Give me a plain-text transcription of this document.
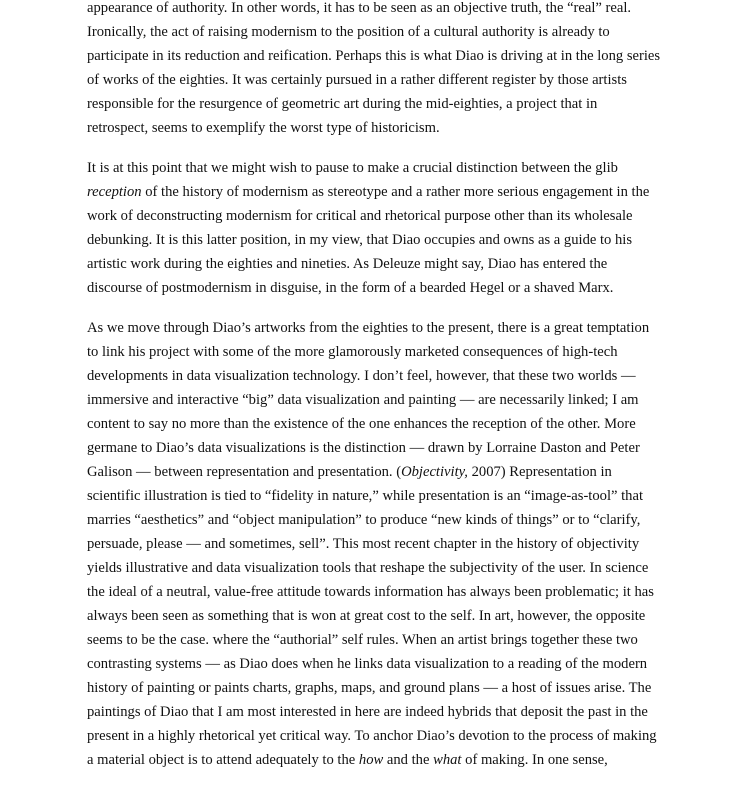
appearance of authority. In other words, it has to be seen as an objective truth, the “real” real. Ironically, the act of raising modernism to the position of a cultural authority is already to participate in its reduction and reification. Perhaps this is what Diao is driving at in the long series of works of the eighties. It was certainly pursued in a rather different register by those artists responsible for the resurgence of geometric art during the mid-eighties, a project that in retrospect, seems to exemplify the worst type of historicism.

It is at this point that we might wish to pause to make a crucial distinction between the glib reception of the history of modernism as stereotype and a rather more serious engagement in the work of deconstructing modernism for critical and rhetorical purpose other than its wholesale debunking. It is this latter position, in my view, that Diao occupies and owns as a guide to his artistic work during the eighties and nineties. As Deleuze might say, Diao has entered the discourse of postmodernism in disguise, in the form of a bearded Hegel or a shaved Marx.

As we move through Diao’s artworks from the eighties to the present, there is a great temptation to link his project with some of the more glamorously marketed consequences of high-tech developments in data visualization technology. I don’t feel, however, that these two worlds — immersive and interactive “big” data visualization and painting — are necessarily linked; I am content to say no more than the existence of the one enhances the reception of the other. More germane to Diao’s data visualizations is the distinction — drawn by Lorraine Daston and Peter Galison — between representation and presentation. (Objectivity, 2007) Representation in scientific illustration is tied to “fidelity in nature,” while presentation is an “image-as-tool” that marries “aesthetics” and “object manipulation” to produce “new kinds of things” or to “clarify, persuade, please — and sometimes, sell”. This most recent chapter in the history of objectivity yields illustrative and data visualization tools that reshape the subjectivity of the user. In science the ideal of a neutral, value-free attitude towards information has always been problematic; it has always been seen as something that is won at great cost to the self. In art, however, the opposite seems to be the case. where the “authorial” self rules. When an artist brings together these two contrasting systems — as Diao does when he links data visualization to a reading of the modern history of painting or paints charts, graphs, maps, and ground plans — a host of issues arise. The paintings of Diao that I am most interested in here are indeed hybrids that deposit the past in the present in a highly rhetorical yet critical way. To anchor Diao’s devotion to the process of making a material object is to attend adequately to the how and the what of making. In one sense,
